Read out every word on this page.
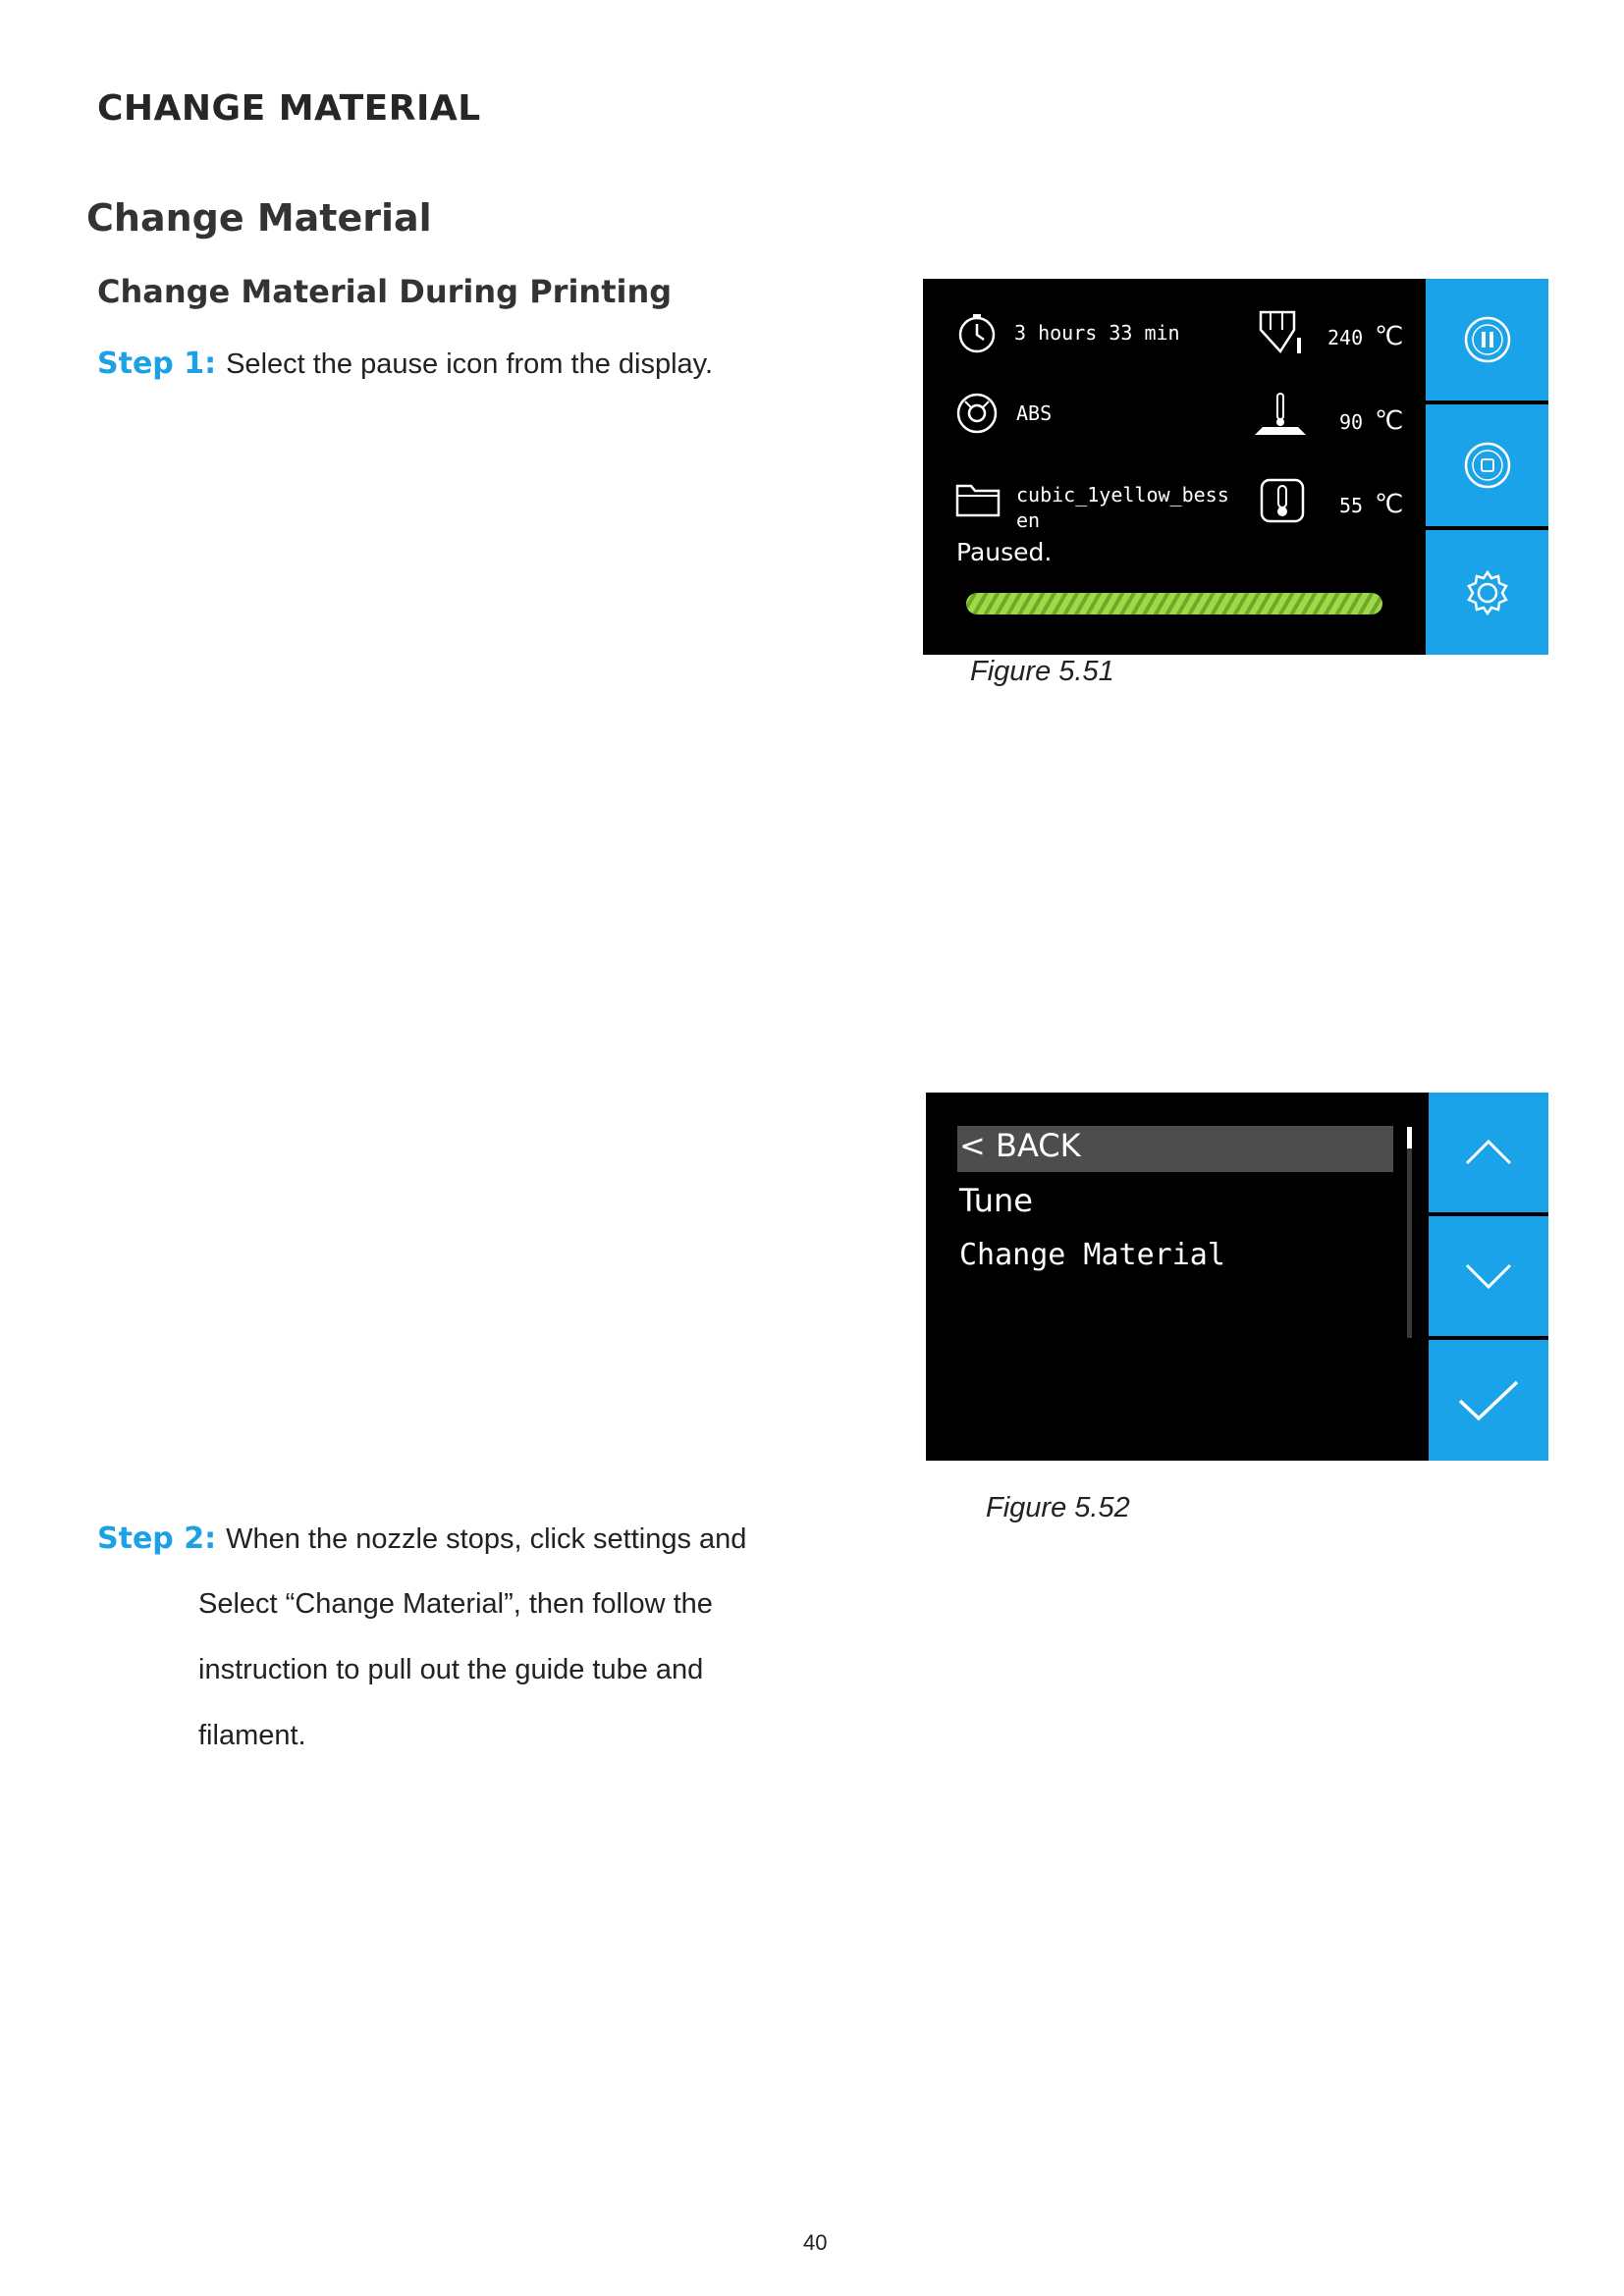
CHANGE MATERIAL
Change Material
Change Material During Printing
Step 1: Select the pause icon from the display.
3 hours 33 min
ABS
cubic_1yellow_bess
en
Paused.
240 ℃
90 ℃
55 ℃
Figure 5.51
< BACK
Tune
Change Material
Figure 5.52
Step 2: When the nozzle stops, click settings and
Select “Change Material”, then follow the
instruction to pull out the guide tube and
filament.
40
